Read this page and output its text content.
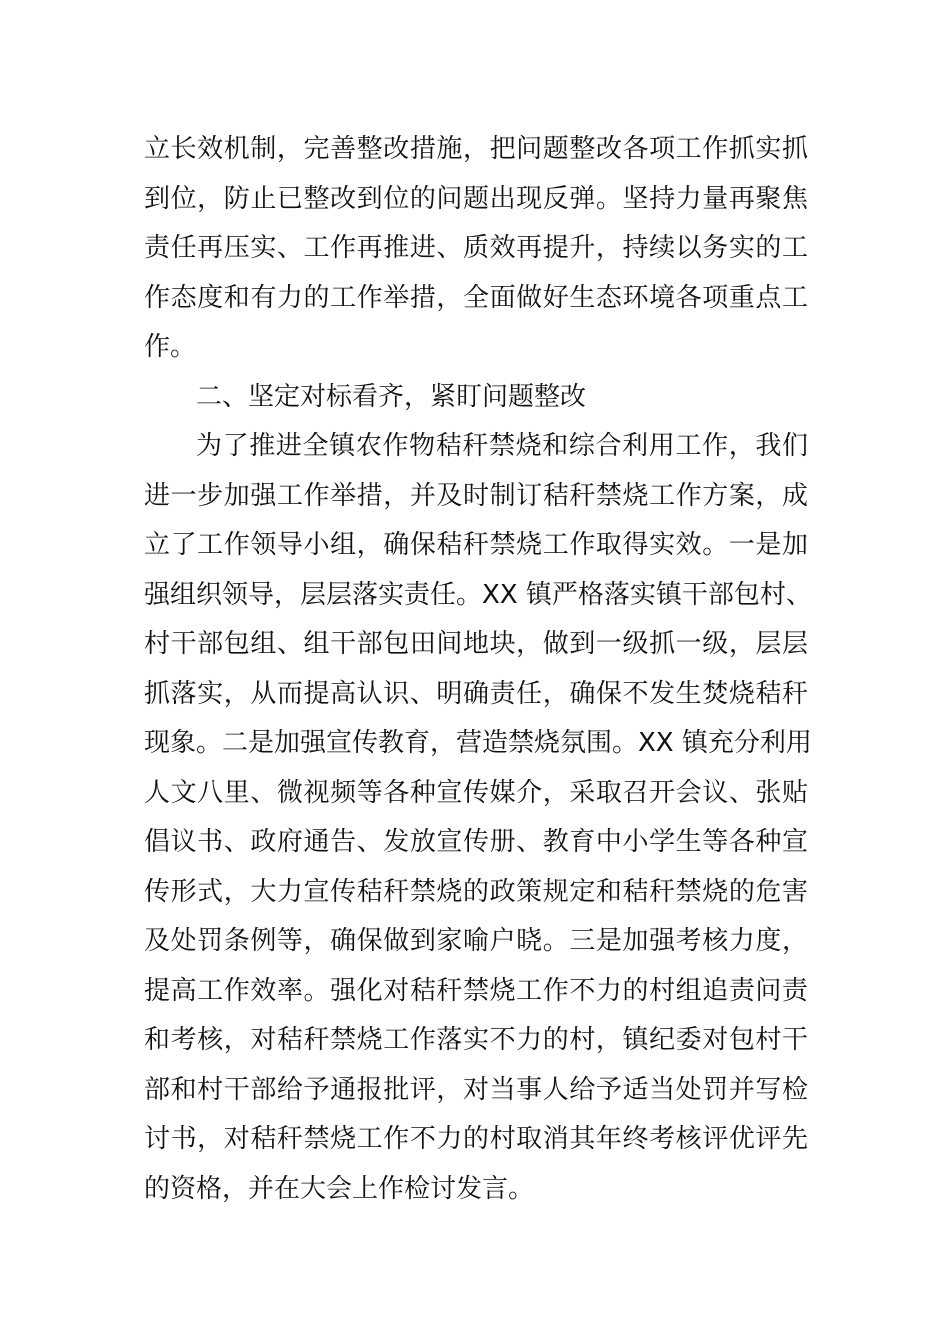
立长效机制，完善整改措施，把问题整改各项工作抓实抓
到位，防止已整改到位的问题出现反弹。坚持力量再聚焦
责任再压实、工作再推进、质效再提升，持续以务实的工
作态度和有力的工作举措，全面做好生态环境各项重点工
作。
二、坚定对标看齐，紧盯问题整改
为了推进全镇农作物秸秆禁烧和综合利用工作，我们
进一步加强工作举措，并及时制订秸秆禁烧工作方案，成
立了工作领导小组，确保秸秆禁烧工作取得实效。一是加
强组织领导，层层落实责任。XX 镇严格落实镇干部包村、
村干部包组、组干部包田间地块，做到一级抓一级，层层
抓落实，从而提高认识、明确责任，确保不发生焚烧秸秆
现象。二是加强宣传教育，营造禁烧氛围。XX 镇充分利用
人文八里、微视频等各种宣传媒介，采取召开会议、张贴
倡议书、政府通告、发放宣传册、教育中小学生等各种宣
传形式，大力宣传秸秆禁烧的政策规定和秸秆禁烧的危害
及处罚条例等，确保做到家喻户晓。三是加强考核力度，
提高工作效率。强化对秸秆禁烧工作不力的村组追责问责
和考核，对秸秆禁烧工作落实不力的村，镇纪委对包村干
部和村干部给予通报批评，对当事人给予适当处罚并写检
讨书，对秸秆禁烧工作不力的村取消其年终考核评优评先
的资格，并在大会上作检讨发言。
